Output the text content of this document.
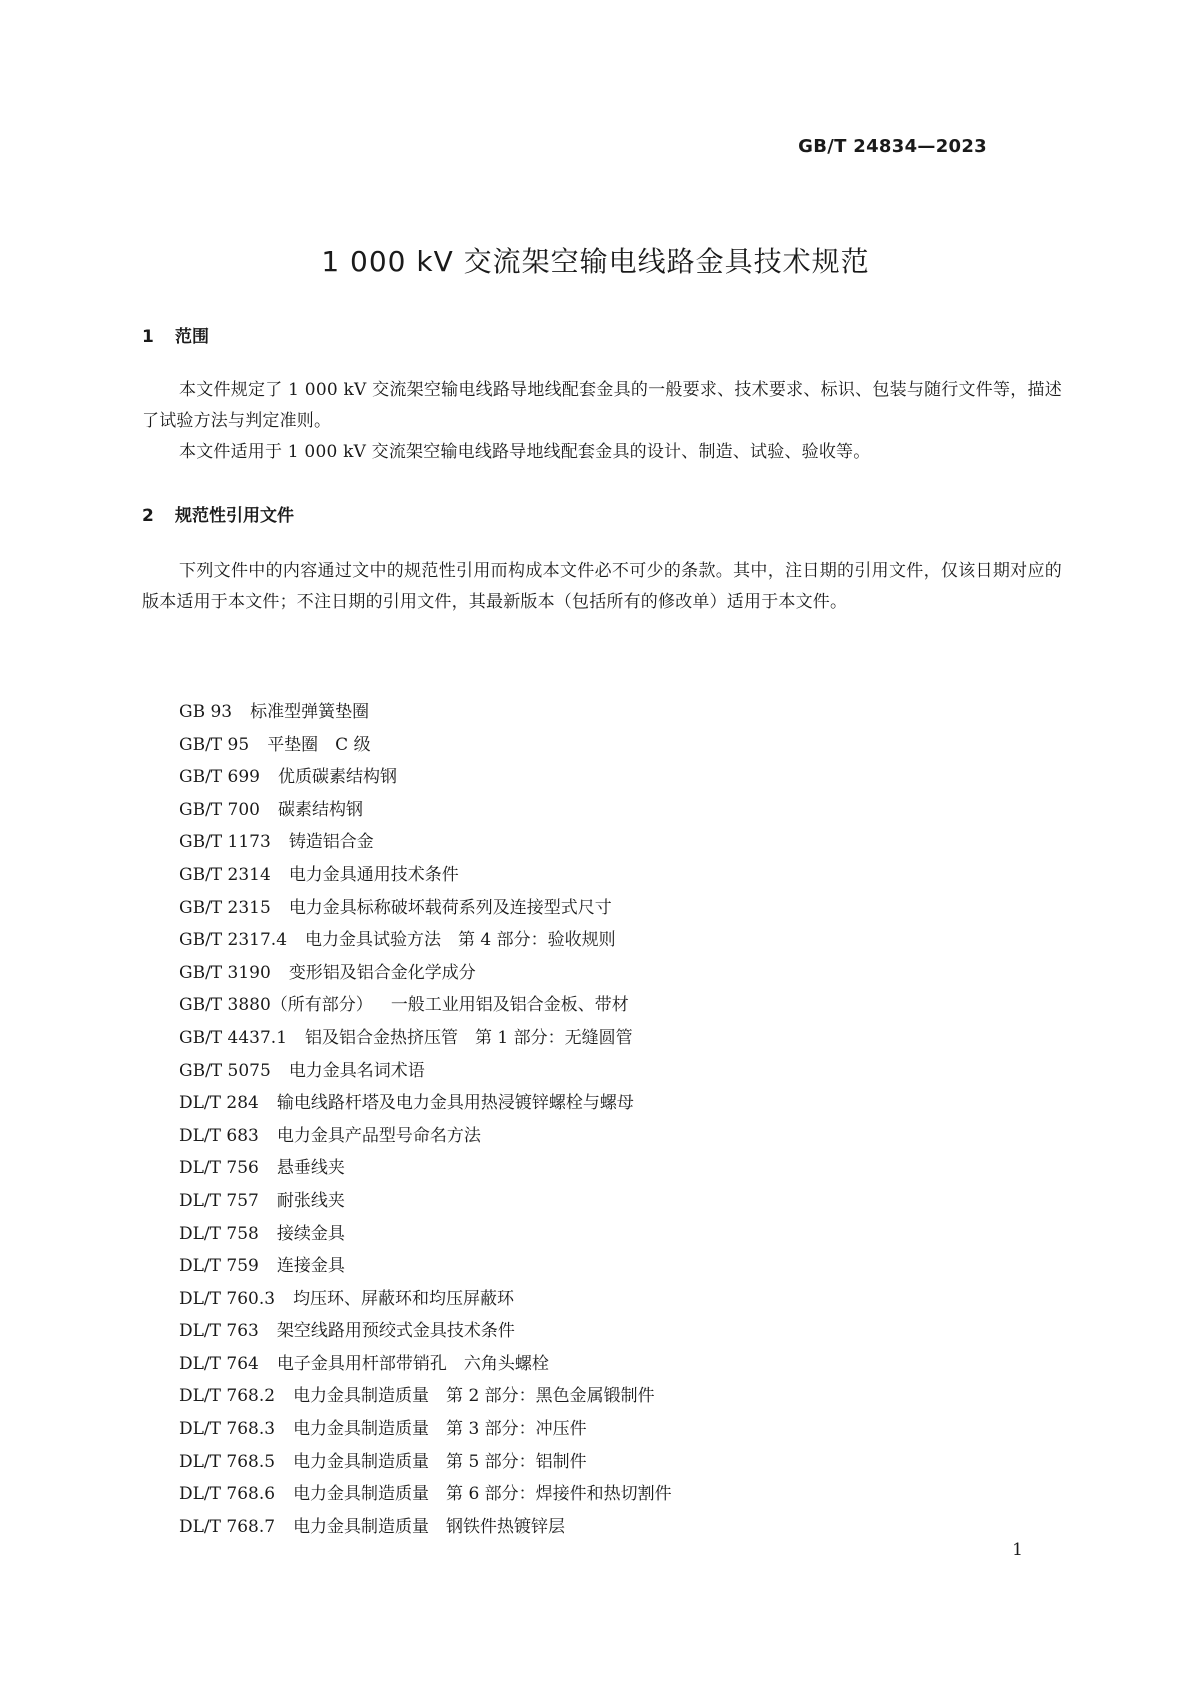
GB/T 24834—2023
1 000 kV 交流架空输电线路金具技术规范
1 范围
本文件规定了 1 000 kV 交流架空输电线路导地线配套金具的一般要求、技术要求、标识、包装与随行文件等，描述了试验方法与判定准则。
本文件适用于 1 000 kV 交流架空输电线路导地线配套金具的设计、制造、试验、验收等。
2 规范性引用文件
下列文件中的内容通过文中的规范性引用而构成本文件必不可少的条款。其中，注日期的引用文件，仅该日期对应的版本适用于本文件；不注日期的引用文件，其最新版本（包括所有的修改单）适用于本文件。
GB 93 标准型弹簧垫圈
GB/T 95 平垫圈　C 级
GB/T 699 优质碳素结构钢
GB/T 700 碳素结构钢
GB/T 1173 铸造铝合金
GB/T 2314 电力金具通用技术条件
GB/T 2315 电力金具标称破坏载荷系列及连接型式尺寸
GB/T 2317.4 电力金具试验方法　第 4 部分：验收规则
GB/T 3190 变形铝及铝合金化学成分
GB/T 3880（所有部分） 一般工业用铝及铝合金板、带材
GB/T 4437.1 铝及铝合金热挤压管　第 1 部分：无缝圆管
GB/T 5075 电力金具名词术语
DL/T 284 输电线路杆塔及电力金具用热浸镀锌螺栓与螺母
DL/T 683 电力金具产品型号命名方法
DL/T 756 悬垂线夹
DL/T 757 耐张线夹
DL/T 758 接续金具
DL/T 759 连接金具
DL/T 760.3 均压环、屏蔽环和均压屏蔽环
DL/T 763 架空线路用预绞式金具技术条件
DL/T 764 电子金具用杆部带销孔　六角头螺栓
DL/T 768.2 电力金具制造质量　第 2 部分：黑色金属锻制件
DL/T 768.3 电力金具制造质量　第 3 部分：冲压件
DL/T 768.5 电力金具制造质量　第 5 部分：铝制件
DL/T 768.6 电力金具制造质量　第 6 部分：焊接件和热切割件
DL/T 768.7 电力金具制造质量　钢铁件热镀锌层
1
